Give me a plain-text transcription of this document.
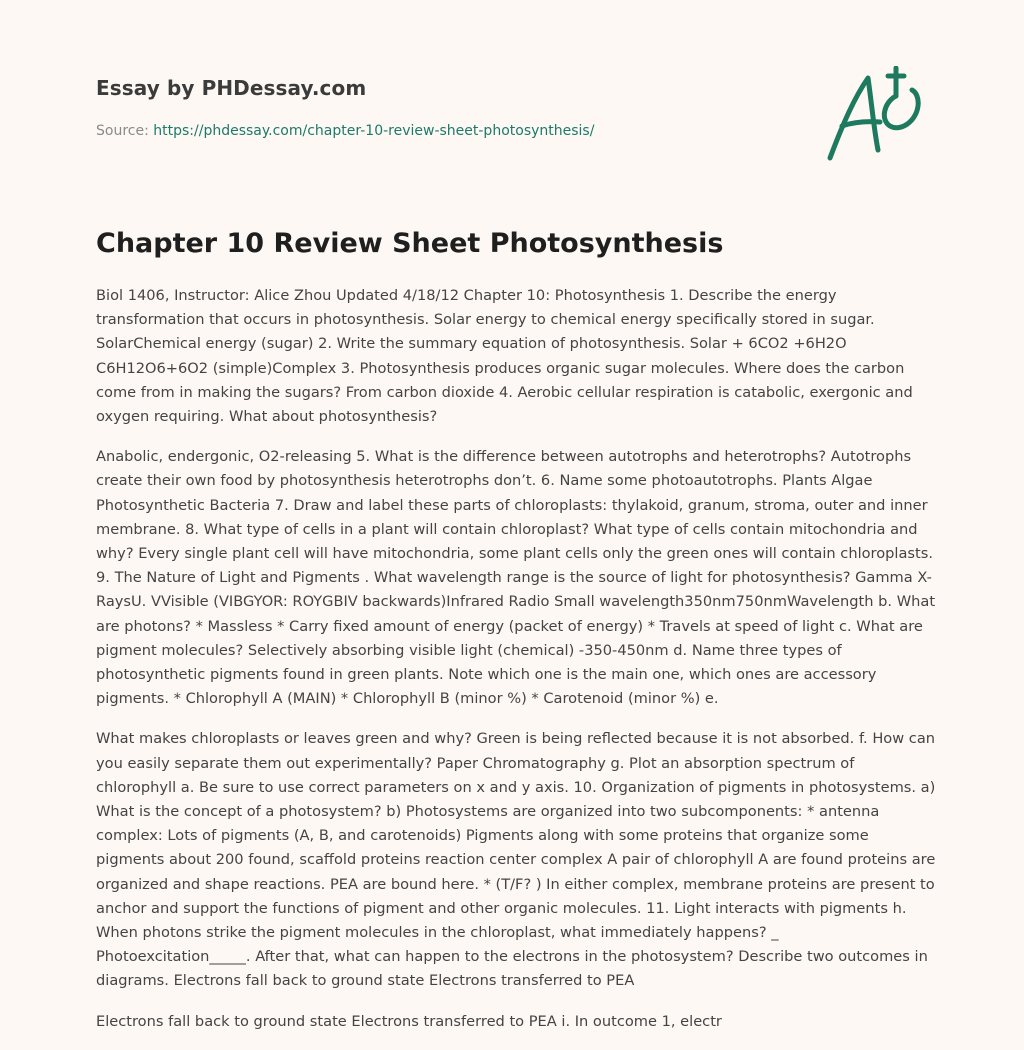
Essay by PHDessay.com
Source: https://phdessay.com/chapter-10-review-sheet-photosynthesis/
Chapter 10 Review Sheet Photosynthesis

Biol 1406, Instructor: Alice Zhou Updated 4/18/12 Chapter 10: Photosynthesis 1. Describe the energy transformation that occurs in photosynthesis. Solar energy to chemical energy specifically stored in sugar. SolarChemical energy (sugar) 2. Write the summary equation of photosynthesis. Solar + 6CO2 +6H2O C6H12O6+6O2 (simple)Complex 3. Photosynthesis produces organic sugar molecules. Where does the carbon come from in making the sugars? From carbon dioxide 4. Aerobic cellular respiration is catabolic, exergonic and oxygen requiring. What about photosynthesis?

Anabolic, endergonic, O2-releasing 5. What is the difference between autotrophs and heterotrophs? Autotrophs create their own food by photosynthesis heterotrophs don’t. 6. Name some photoautotrophs. Plants Algae Photosynthetic Bacteria 7. Draw and label these parts of chloroplasts: thylakoid, granum, stroma, outer and inner membrane. 8. What type of cells in a plant will contain chloroplast? What type of cells contain mitochondria and why? Every single plant cell will have mitochondria, some plant cells only the green ones will contain chloroplasts. 9. The Nature of Light and Pigments . What wavelength range is the source of light for photosynthesis? Gamma X-RaysU. VVisible (VIBGYOR: ROYGBIV backwards)Infrared Radio Small wavelength350nm750nmWavelength b. What are photons? * Massless * Carry fixed amount of energy (packet of energy) * Travels at speed of light c. What are pigment molecules? Selectively absorbing visible light (chemical) -350-450nm d. Name three types of photosynthetic pigments found in green plants. Note which one is the main one, which ones are accessory pigments. * Chlorophyll A (MAIN) * Chlorophyll B (minor %) * Carotenoid (minor %) e.

What makes chloroplasts or leaves green and why? Green is being reflected because it is not absorbed. f. How can you easily separate them out experimentally? Paper Chromatography g. Plot an absorption spectrum of chlorophyll a. Be sure to use correct parameters on x and y axis. 10. Organization of pigments in photosystems. a) What is the concept of a photosystem? b) Photosystems are organized into two subcomponents: * antenna complex: Lots of pigments (A, B, and carotenoids) Pigments along with some proteins that organize some pigments about 200 found, scaffold proteins reaction center complex A pair of chlorophyll A are found proteins are organized and shape reactions. PEA are bound here. * (T/F? ) In either complex, membrane proteins are present to anchor and support the functions of pigment and other organic molecules. 11. Light interacts with pigments h. When photons strike the pigment molecules in the chloroplast, what immediately happens? _ Photoexcitation_____. After that, what can happen to the electrons in the photosystem? Describe two outcomes in diagrams. Electrons fall back to ground state Electrons transferred to PEA

Electrons fall back to ground state Electrons transferred to PEA i. In outcome 1, electr
